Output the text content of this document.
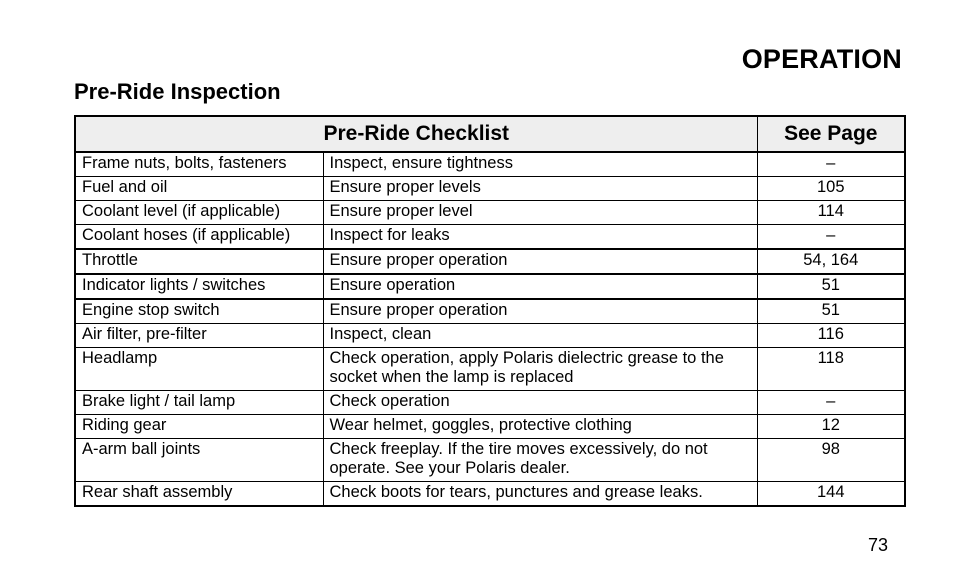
OPERATION
Pre-Ride Inspection
Pre-Ride Checklist		See Page
Frame nuts, bolts, fasteners	Inspect, ensure tightness	–
Fuel and oil	Ensure proper levels	105
Coolant level (if applicable)	Ensure proper level	114
Coolant hoses (if applicable)	Inspect for leaks	–
Throttle	Ensure proper operation	54, 164
Indicator lights / switches	Ensure operation	51
Engine stop switch	Ensure proper operation	51
Air filter, pre-filter	Inspect, clean	116
Headlamp	Check operation, apply Polaris dielectric grease to the socket when the lamp is replaced	118
Brake light / tail lamp	Check operation	–
Riding gear	Wear helmet, goggles, protective clothing	12
A-arm ball joints	Check freeplay. If the tire moves excessively, do not operate. See your Polaris dealer.	98
Rear shaft assembly	Check boots for tears, punctures and grease leaks.	144
73
